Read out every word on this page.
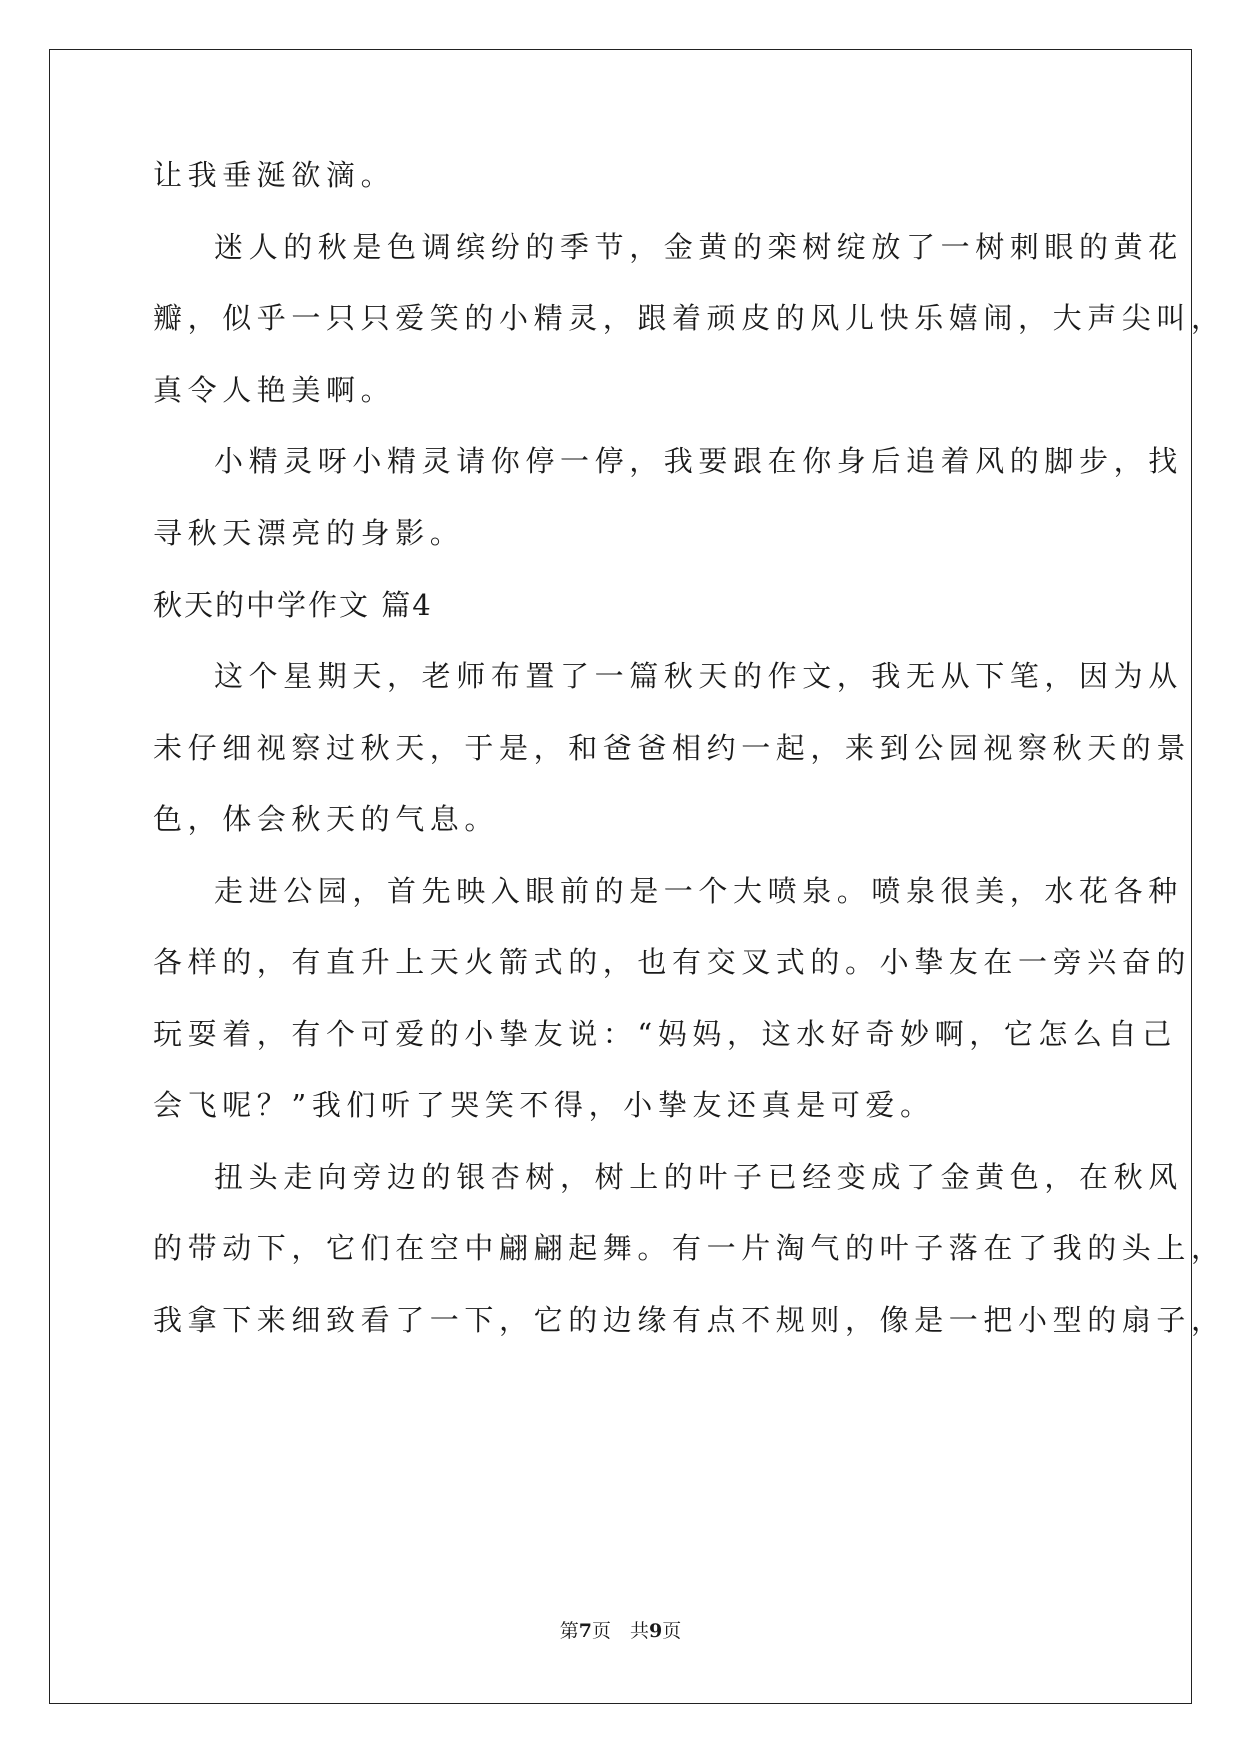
让我垂涎欲滴。
迷人的秋是色调缤纷的季节，金黄的栾树绽放了一树刺眼的黄花
瓣，似乎一只只爱笑的小精灵，跟着顽皮的风儿快乐嬉闹，大声尖叫，
真令人艳美啊。
小精灵呀小精灵请你停一停，我要跟在你身后追着风的脚步，找
寻秋天漂亮的身影。
秋天的中学作文 篇4
这个星期天，老师布置了一篇秋天的作文，我无从下笔，因为从
未仔细视察过秋天，于是，和爸爸相约一起，来到公园视察秋天的景
色，体会秋天的气息。
走进公园，首先映入眼前的是一个大喷泉。喷泉很美，水花各种
各样的，有直升上天火箭式的，也有交叉式的。小挚友在一旁兴奋的
玩耍着，有个可爱的小挚友说：“妈妈，这水好奇妙啊，它怎么自己
会飞呢？”我们听了哭笑不得，小挚友还真是可爱。
扭头走向旁边的银杏树，树上的叶子已经变成了金黄色，在秋风
的带动下，它们在空中翩翩起舞。有一片淘气的叶子落在了我的头上，
我拿下来细致看了一下，它的边缘有点不规则，像是一把小型的扇子，
第7页　共9页
